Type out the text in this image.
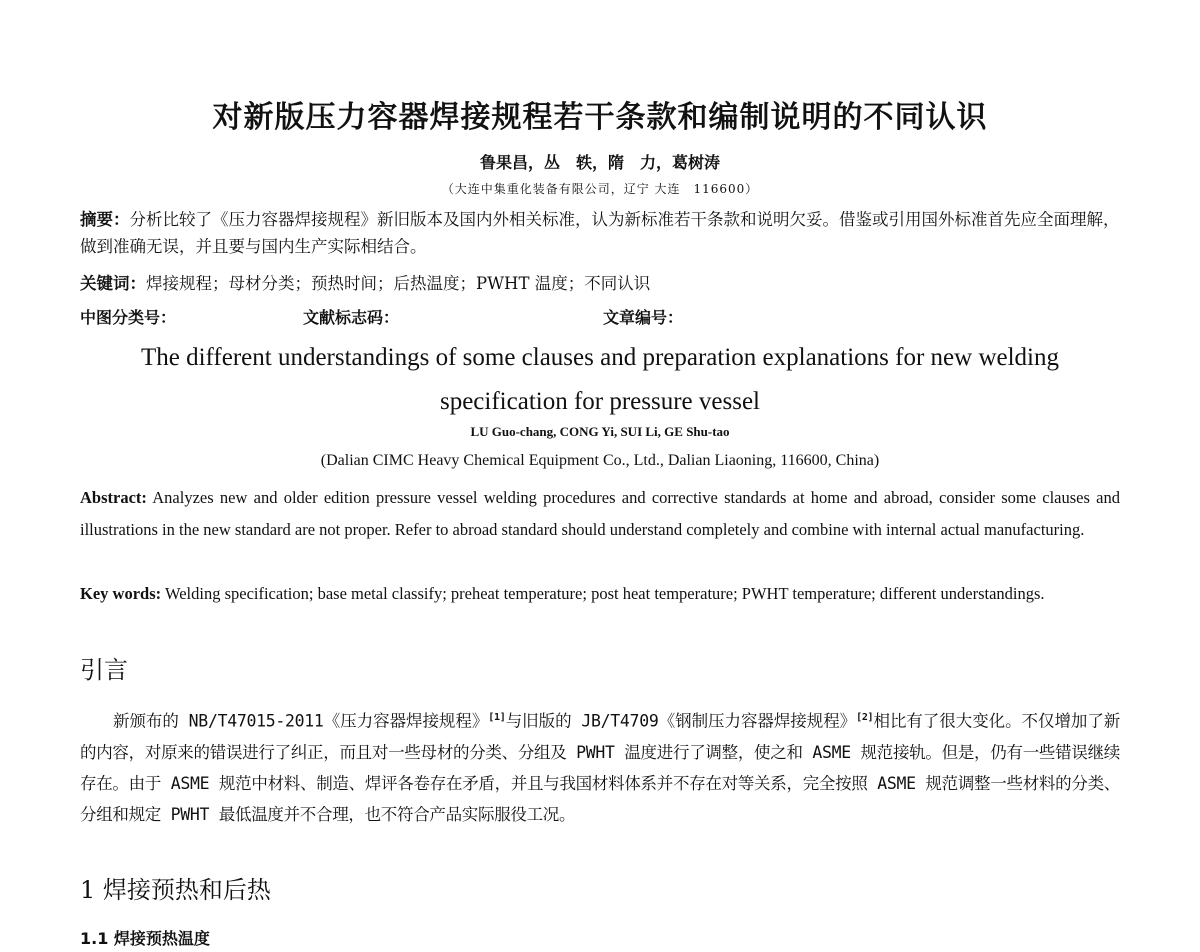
对新版压力容器焊接规程若干条款和编制说明的不同认识
鲁果昌，丛　轶，隋　力，葛树涛
（大连中集重化装备有限公司，辽宁 大连　116600）
摘要：分析比较了《压力容器焊接规程》新旧版本及国内外相关标准，认为新标准若干条款和说明欠妥。借鉴或引用国外标准首先应全面理解，做到准确无误，并且要与国内生产实际相结合。
关键词：焊接规程；母材分类；预热时间；后热温度；PWHT 温度；不同认识
中图分类号：	文献标志码：	文章编号：
The different understandings of some clauses and preparation explanations for new welding specification for pressure vessel
LU Guo-chang, CONG Yi, SUI Li, GE Shu-tao
(Dalian CIMC Heavy Chemical Equipment Co., Ltd., Dalian Liaoning, 116600, China)
Abstract: Analyzes new and older edition pressure vessel welding procedures and corrective standards at home and abroad, consider some clauses and illustrations in the new standard are not proper. Refer to abroad standard should understand completely and combine with internal actual manufacturing.
Key words: Welding specification; base metal classify; preheat temperature; post heat temperature; PWHT temperature; different understandings.
引言
新颁布的 NB/T47015-2011《压力容器焊接规程》[1]与旧版的 JB/T4709《钢制压力容器焊接规程》[2]相比有了很大变化。不仅增加了新的内容，对原来的错误进行了纠正，而且对一些母材的分类、分组及 PWHT 温度进行了调整，使之和 ASME 规范接轨。但是，仍有一些错误继续存在。由于 ASME 规范中材料、制造、焊评各卷存在矛盾，并且与我国材料体系并不存在对等关系，完全按照 ASME 规范调整一些材料的分类、分组和规定 PWHT 最低温度并不合理，也不符合产品实际服役工况。
1 焊接预热和后热
1.1 焊接预热温度
